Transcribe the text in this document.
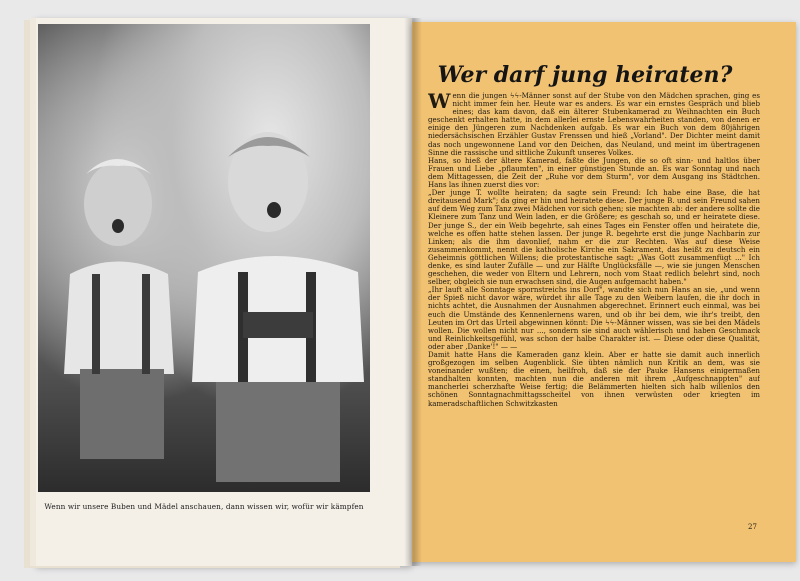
Wenn wir unsere Buben und Mädel anschauen, dann wissen wir, wofür wir kämpfen
Wer darf jung heiraten?

Wenn die jungen ϟϟ-Männer sonst auf der Stube von den Mädchen sprachen, ging es nicht immer fein her. Heute war es anders. Es war ein ernstes Gespräch und blieb eines; das kam davon, daß ein älterer Stubenkamerad zu Weihnachten ein Buch geschenkt erhalten hatte, in dem allerlei ernste Lebenswahrheiten standen, von denen er einige den Jüngeren zum Nachdenken aufgab. Es war ein Buch von dem 80jährigen niedersächsischen Erzähler Gustav Frenssen und hieß „Vorland". Der Dichter meint damit das noch ungewonnene Land vor den Deichen, das Neuland, und meint im übertragenen Sinne die rassische und sittliche Zukunft unseres Volkes.

Hans, so hieß der ältere Kamerad, faßte die Jungen, die so oft sinn- und haltlos über Frauen und Liebe „pflaumten", in einer günstigen Stunde an. Es war Sonntag und nach dem Mittagessen, die Zeit der „Ruhe vor dem Sturm", vor dem Ausgang ins Städtchen. Hans las ihnen zuerst dies vor:

„Der junge T. wollte heiraten; da sagte sein Freund: Ich habe eine Base, die hat dreitausend Mark"; da ging er hin und heiratete diese. Der junge B. und sein Freund sahen auf dem Weg zum Tanz zwei Mädchen vor sich gehen; sie machten ab: der andere sollte die Kleinere zum Tanz und Wein laden, er die Größere; es geschah so, und er heiratete diese. Der junge S., der ein Weib begehrte, sah eines Tages ein Fenster offen und heiratete die, welche es offen hatte stehen lassen. Der junge R. begehrte erst die junge Nachbarin zur Linken; als die ihm davonlief, nahm er die zur Rechten. Was auf diese Weise zusammenkommt, nennt die katholische Kirche ein Sakrament, das heißt zu deutsch ein Geheimnis göttlichen Willens; die protestantische sagt: „Was Gott zusammenfügt ..." Ich denke, es sind lauter Zufälle — und zur Hälfte Unglücksfälle —, wie sie jungen Menschen geschehen, die weder von Eltern und Lehrern, noch vom Staat redlich belehrt sind, noch selber, obgleich sie nun erwachsen sind, die Augen aufgemacht haben."

„Ihr lauft alle Sonntage spornstreichs ins Dorf", wandte sich nun Hans an sie, „und wenn der Spieß nicht davor wäre, würdet ihr alle Tage zu den Weibern laufen, die ihr doch in nichts achtet, die Ausnahmen der Ausnahmen abgerechnet. Erinnert euch einmal, was bei euch die Umstände des Kennenlernens waren, und ob ihr bei dem, wie ihr's treibt, den Leuten im Ort das Urteil abgewinnen könnt: Die ϟϟ-Männer wissen, was sie bei den Mädels wollen. Die wollen nicht nur ..., sondern sie sind auch wählerisch und haben Geschmack und Reinlichkeitsgefühl, was schon der halbe Charakter ist. — Diese oder diese Qualität, oder aber ‚Danke'!" — —

Damit hatte Hans die Kameraden ganz klein. Aber er hatte sie damit auch innerlich großgezogen im selben Augenblick. Sie übten nämlich nun Kritik an dem, was sie voneinander wußten; die einen, heilfroh, daß sie der Pauke Hansens einigermaßen standhalten konnten, machten nun die anderen mit ihrem „Aufgeschnappten" auf mancherlei scherzhafte Weise fertig; die Belämmerten hielten sich halb willenlos den schönen Sonntagnachmittagsscheitel von ihnen verwüsten oder kriegten im kameradschaftlichen Schwitzkasten

27
